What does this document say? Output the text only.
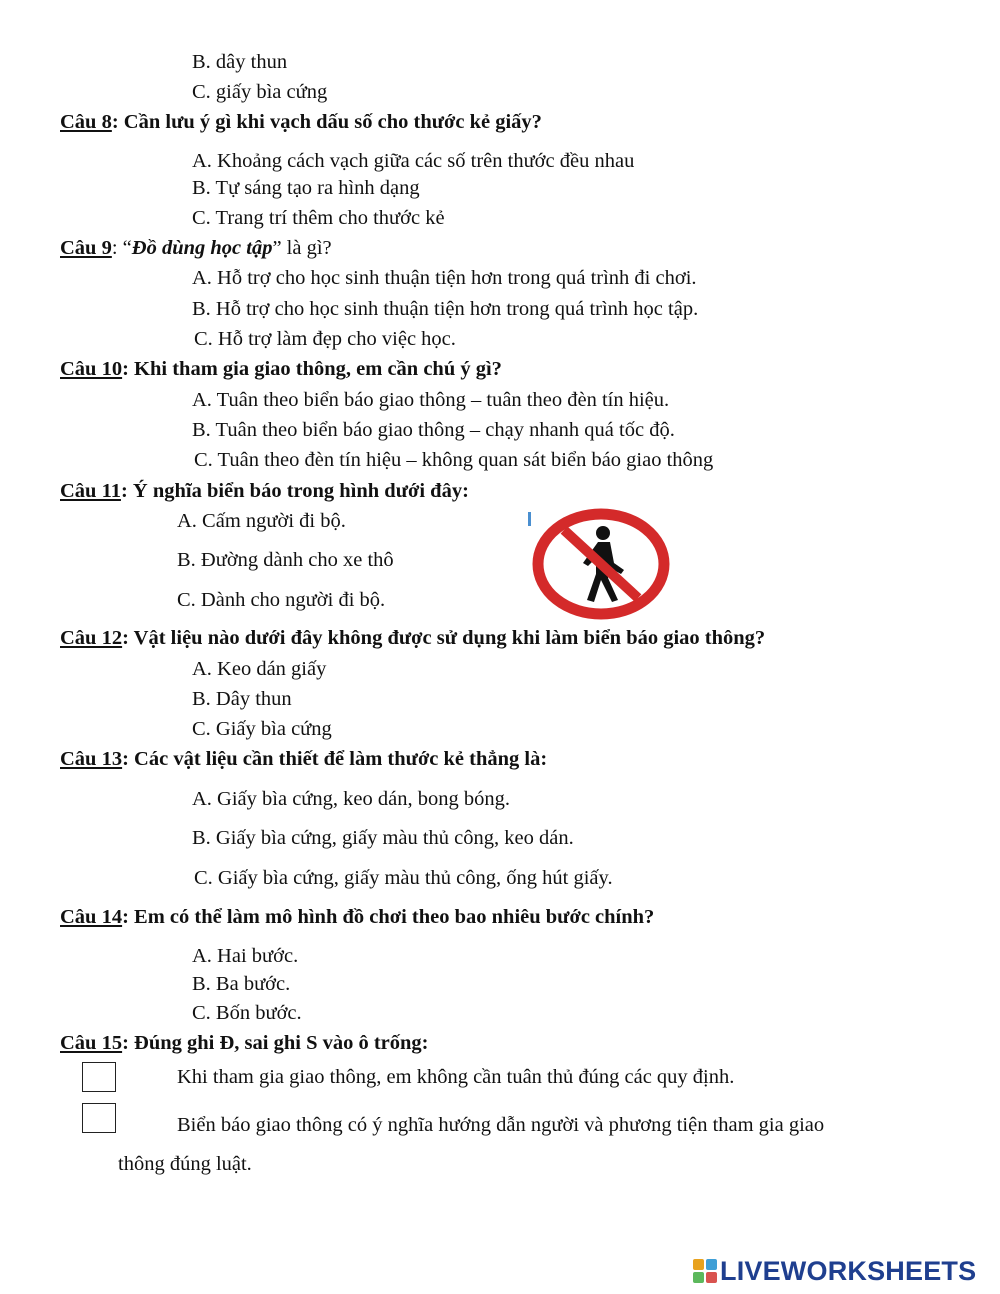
B. dây thun
C. giấy bìa cứng
Câu 8: Cần lưu ý gì khi vạch dấu số cho thước kẻ giấy?
A. Khoảng cách vạch giữa các số trên thước đều nhau
B. Tự sáng tạo ra hình dạng
C. Trang trí thêm cho thước kẻ
Câu 9: “Đồ dùng học tập” là gì?
A. Hỗ trợ cho học sinh thuận tiện hơn trong quá trình đi chơi.
B. Hỗ trợ cho học sinh thuận tiện hơn trong quá trình học tập.
C. Hỗ trợ làm đẹp cho việc học.
Câu 10: Khi tham gia giao thông, em cần chú ý gì?
A. Tuân theo biển báo giao thông – tuân theo đèn tín hiệu.
B. Tuân theo biển báo giao thông – chạy nhanh quá tốc độ.
C. Tuân theo đèn tín hiệu – không quan sát biển báo giao thông
Câu 11: Ý nghĩa biển báo trong hình dưới đây:
A. Cấm người đi bộ.
B. Đường dành cho xe thô
C. Dành cho người đi bộ.
Câu 12: Vật liệu nào dưới đây không được sử dụng khi làm biển báo giao thông?
A. Keo dán giấy
B. Dây thun
C. Giấy bìa cứng
Câu 13: Các vật liệu cần thiết để làm thước kẻ thẳng là:
A. Giấy bìa cứng, keo dán, bong bóng.
B. Giấy bìa cứng, giấy màu thủ công, keo dán.
C. Giấy bìa cứng, giấy màu thủ công, ống hút giấy.
Câu 14: Em có thể làm mô hình đồ chơi theo bao nhiêu bước chính?
A. Hai bước.
B. Ba bước.
C. Bốn bước.
Câu 15: Đúng ghi Đ, sai ghi S vào ô trống:
Khi tham gia giao thông, em không cần tuân thủ đúng các quy định.
Biển báo giao thông có ý nghĩa hướng dẫn người và phương tiện tham gia giao
thông đúng luật.
LIVEWORKSHEETS
